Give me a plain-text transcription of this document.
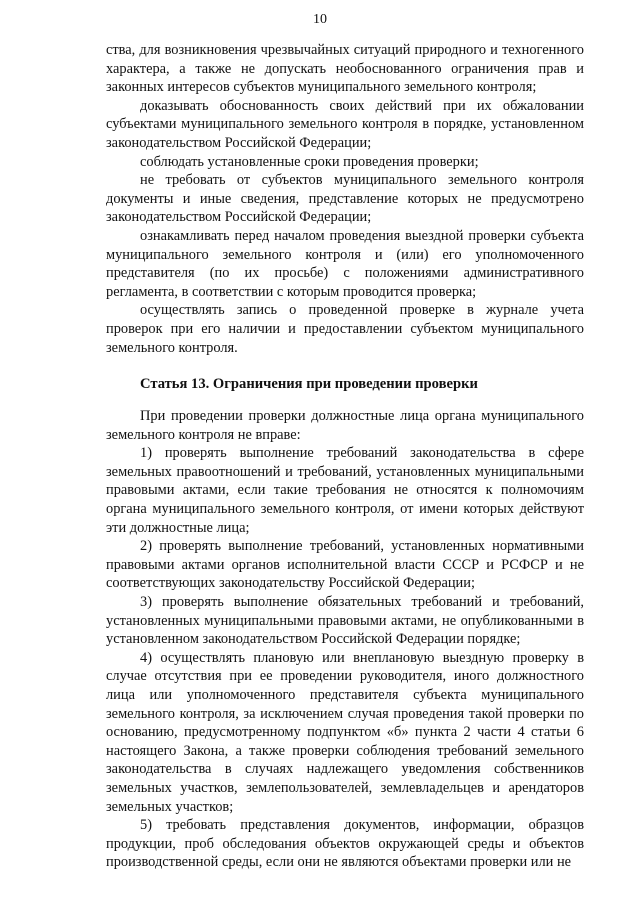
10

ства, для возникновения чрезвычайных ситуаций природного и техногенного характера, а также не допускать необоснованного ограничения прав и законных интересов субъектов муниципального земельного контроля;

доказывать обоснованность своих действий при их обжаловании субъектами муниципального земельного контроля в порядке, установленном законодательством Российской Федерации;

соблюдать установленные сроки проведения проверки;

не требовать от субъектов муниципального земельного контроля документы и иные сведения, представление которых не предусмотрено законодательством Российской Федерации;

ознакамливать перед началом проведения выездной проверки субъекта муниципального земельного контроля и (или) его уполномоченного представителя (по их просьбе) с положениями административного регламента, в соответствии с которым проводится проверка;

осуществлять запись о проведенной проверке в журнале учета проверок при его наличии и предоставлении субъектом муниципального земельного контроля.

Статья 13. Ограничения при проведении проверки

При проведении проверки должностные лица органа муниципального земельного контроля не вправе:

1) проверять выполнение требований законодательства в сфере земельных правоотношений и требований, установленных муниципальными правовыми актами, если такие требования не относятся к полномочиям органа муниципального земельного контроля, от имени которых действуют эти должностные лица;

2) проверять выполнение требований, установленных нормативными правовыми актами органов исполнительной власти СССР и РСФСР и не соответствующих законодательству Российской Федерации;

3) проверять выполнение обязательных требований и требований, установленных муниципальными правовыми актами, не опубликованными в установленном законодательством Российской Федерации порядке;

4) осуществлять плановую или внеплановую выездную проверку в случае отсутствия при ее проведении руководителя, иного должностного лица или уполномоченного представителя субъекта муниципального земельного контроля, за исключением случая проведения такой проверки по основанию, предусмотренному подпунктом «б» пункта 2 части 4 статьи 6 настоящего Закона, а также проверки соблюдения требований земельного законодательства в случаях надлежащего уведомления собственников земельных участков, землепользователей, землевладельцев и арендаторов земельных участков;

5) требовать представления документов, информации, образцов продукции, проб обследования объектов окружающей среды и объектов производственной среды, если они не являются объектами проверки или не
